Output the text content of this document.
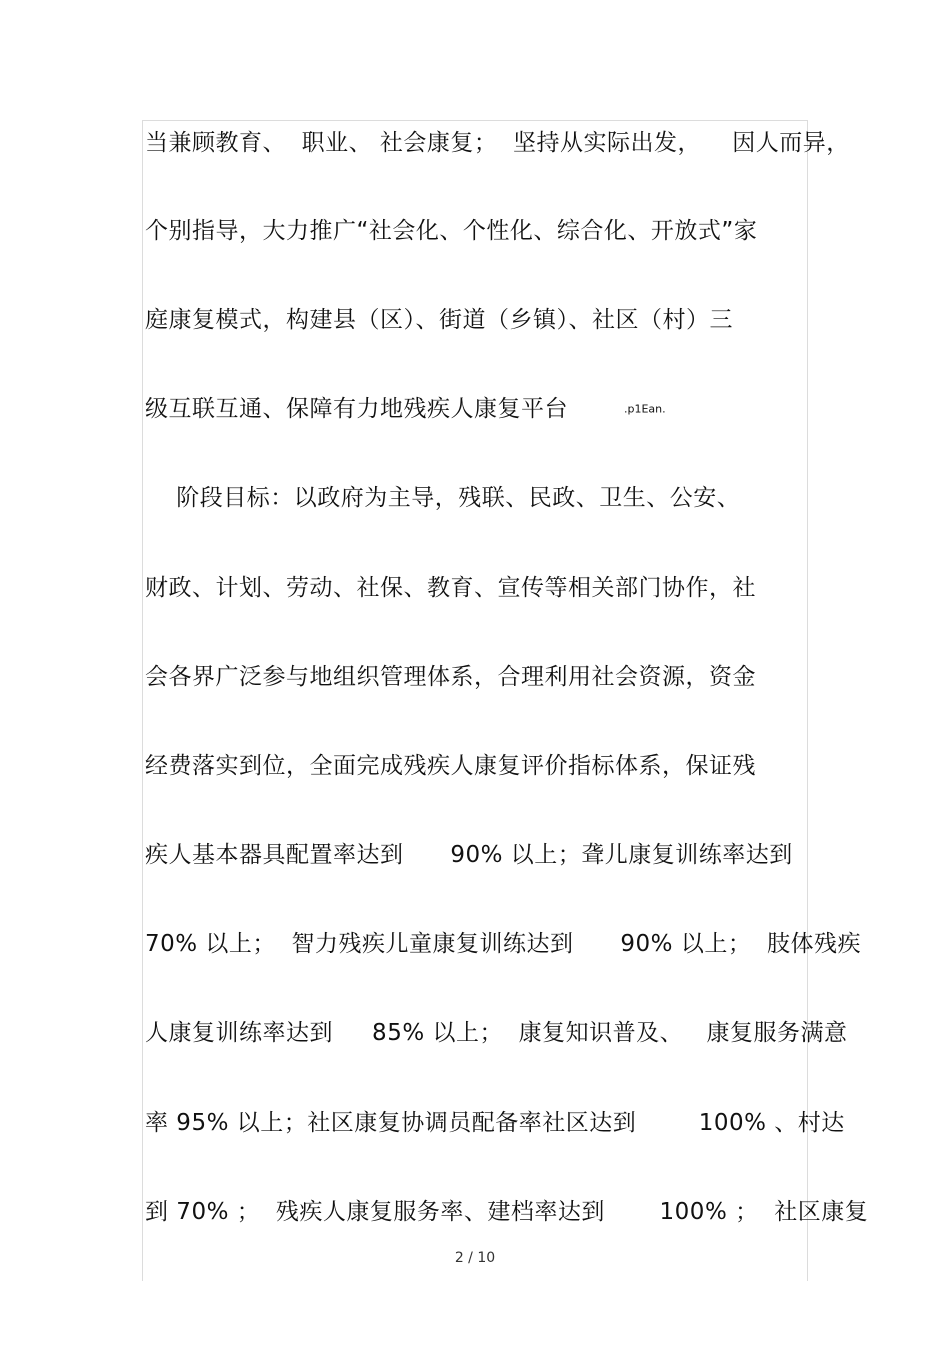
当兼顾教育、  职业、 社会康复；  坚持从实际出发，    因人而异，
个别指导，大力推广“社会化、个性化、综合化、开放式”家
庭康复模式，构建县（区）、街道（乡镇）、社区（村）三
级互联互通、保障有力地残疾人康复平台	.p1Ean.
阶段目标：以政府为主导，残联、民政、卫生、公安、
财政、计划、劳动、社保、教育、宣传等相关部门协作，社
会各界广泛参与地组织管理体系，合理利用社会资源，资金
经费落实到位，全面完成残疾人康复评价指标体系，保证残
疾人基本器具配置率达到      90% 以上；聋儿康复训练率达到
70% 以上；  智力残疾儿童康复训练达到      90% 以上；  肢体残疾
人康复训练率达到     85% 以上；  康复知识普及、   康复服务满意
率 95% 以上；社区康复协调员配备率社区达到        100% 、村达
到 70% ；  残疾人康复服务率、建档率达到       100% ；  社区康复
2 / 10
